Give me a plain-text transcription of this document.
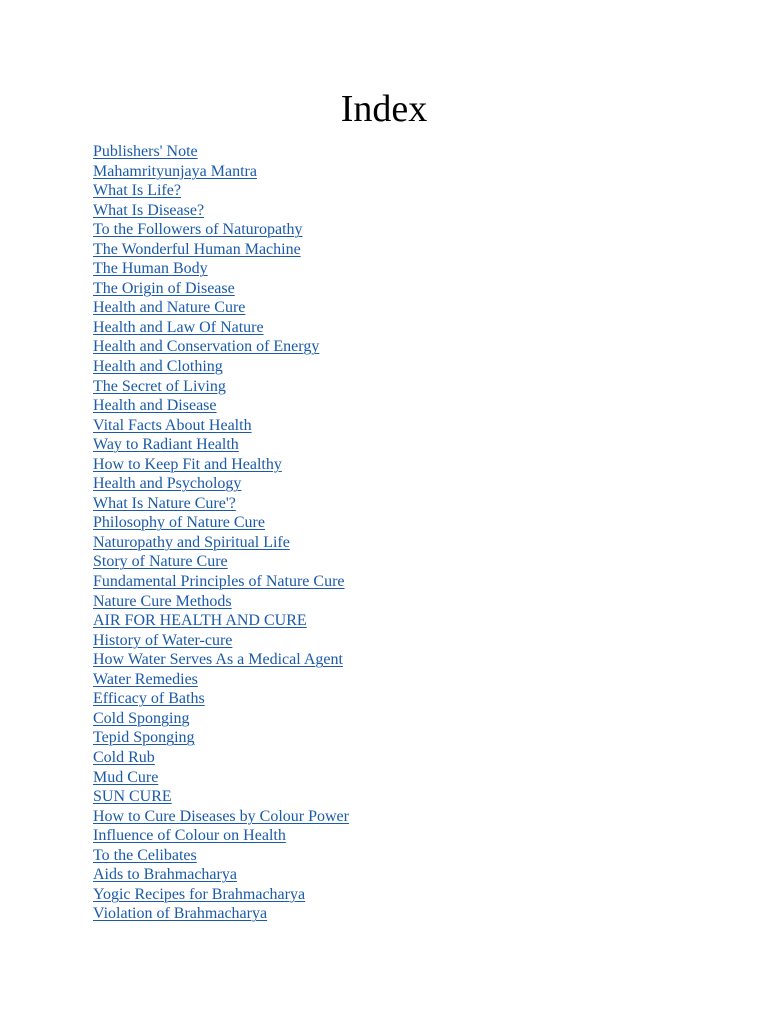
Index
Publishers' Note
Mahamrityunjaya Mantra
What Is Life?
What Is Disease?
To the Followers of Naturopathy
The Wonderful Human Machine
The Human Body
The Origin of Disease
Health and Nature Cure
Health and Law Of Nature
Health and Conservation of Energy
Health and Clothing
The Secret of Living
Health and Disease
Vital Facts About Health
Way to Radiant Health
How to Keep Fit and Healthy
Health and Psychology
What Is Nature Cure'?
Philosophy of Nature Cure
Naturopathy and Spiritual Life
Story of Nature Cure
Fundamental Principles of Nature Cure
Nature Cure Methods
AIR FOR HEALTH AND CURE
History of Water-cure
How Water Serves As a Medical Agent
Water Remedies
Efficacy of Baths
Cold Sponging
Tepid Sponging
Cold Rub
Mud Cure
SUN CURE
How to Cure Diseases by Colour Power
Influence of Colour on Health
To the Celibates
Aids to Brahmacharya
Yogic Recipes for Brahmacharya
Violation of Brahmacharya
